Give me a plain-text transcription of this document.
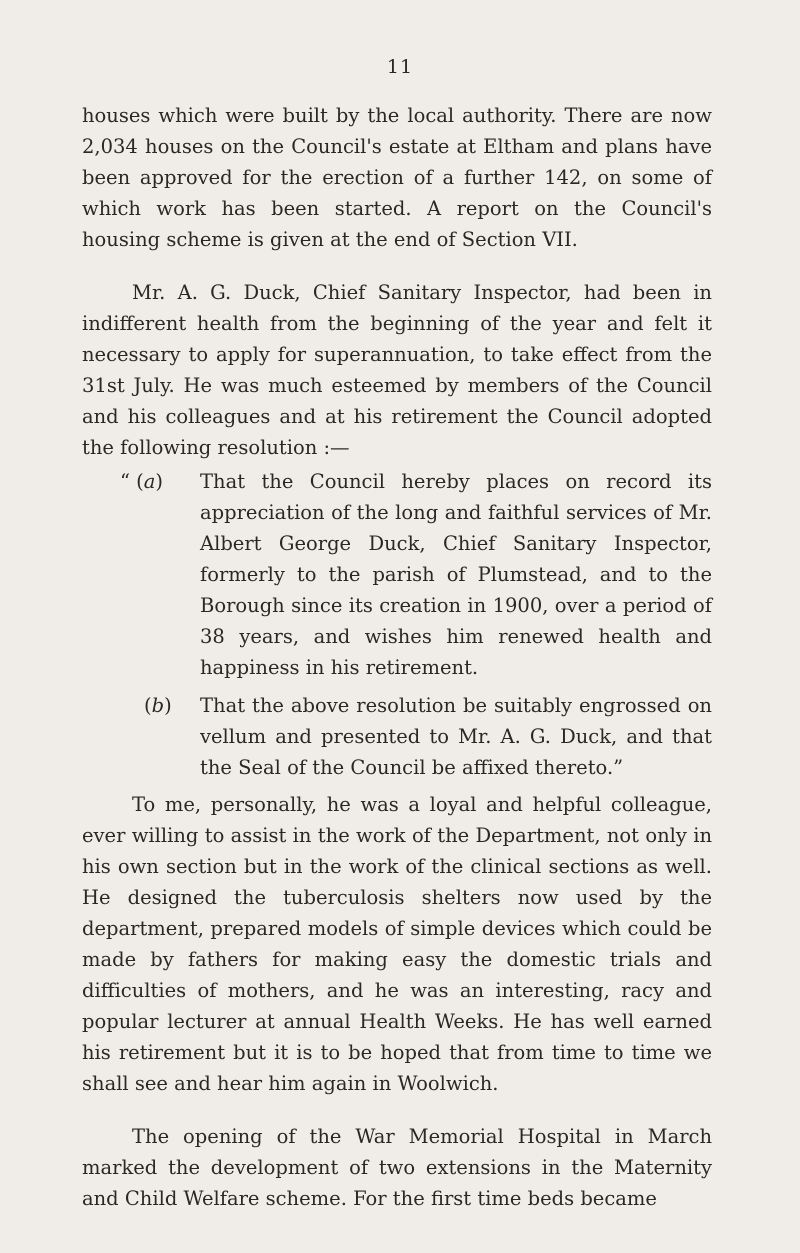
11

houses which were built by the local authority. There are now 2,034 houses on the Council's estate at Eltham and plans have been approved for the erection of a further 142, on some of which work has been started. A report on the Council's housing scheme is given at the end of Section VII.

Mr. A. G. Duck, Chief Sanitary Inspector, had been in indifferent health from the beginning of the year and felt it necessary to apply for superannuation, to take effect from the 31st July. He was much esteemed by members of the Council and his colleagues and at his retirement the Council adopted the following resolution :—

“ (a)	That the Council hereby places on record its appreciation of the long and faithful services of Mr. Albert George Duck, Chief Sanitary Inspector, formerly to the parish of Plumstead, and to the Borough since its creation in 1900, over a period of 38 years, and wishes him renewed health and happiness in his retirement.

(b)	That the above resolution be suitably engrossed on vellum and presented to Mr. A. G. Duck, and that the Seal of the Council be affixed thereto.”

To me, personally, he was a loyal and helpful colleague, ever willing to assist in the work of the Department, not only in his own section but in the work of the clinical sections as well. He designed the tuberculosis shelters now used by the department, prepared models of simple devices which could be made by fathers for making easy the domestic trials and difficulties of mothers, and he was an interesting, racy and popular lecturer at annual Health Weeks. He has well earned his retirement but it is to be hoped that from time to time we shall see and hear him again in Woolwich.

The opening of the War Memorial Hospital in March marked the development of two extensions in the Maternity and Child Welfare scheme. For the first time beds became
